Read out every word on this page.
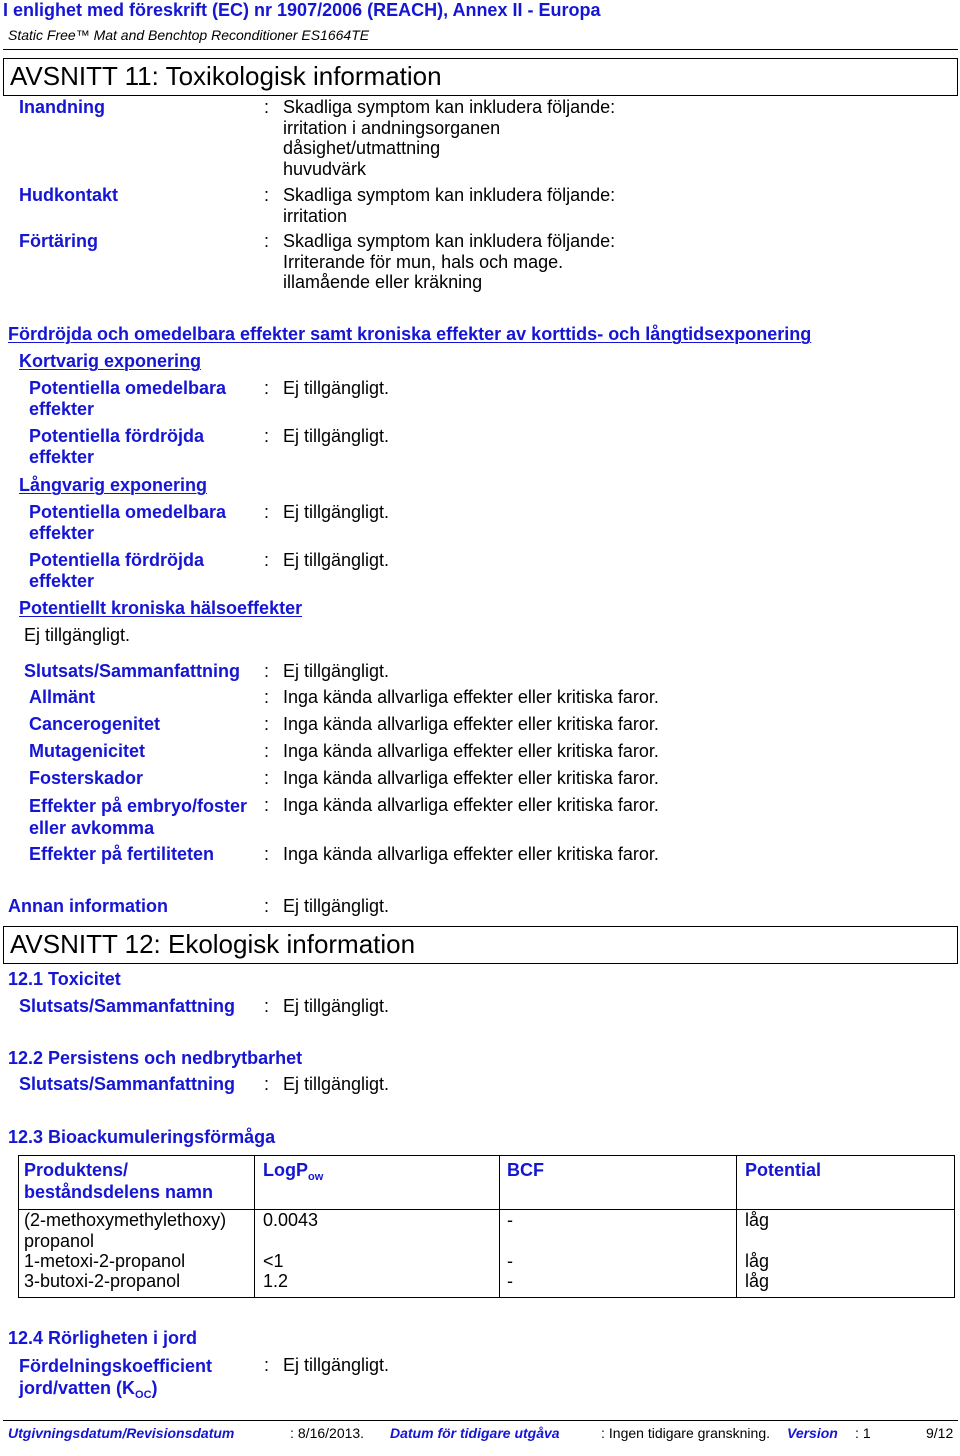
I enlighet med föreskrift (EC) nr 1907/2006 (REACH), Annex II - Europa
Static Free™ Mat and Benchtop Reconditioner ES1664TE
AVSNITT 11: Toxikologisk information
Inandning	: Skadliga symptom kan inkludera följande:
irritation i andningsorganen
dåsighet/utmattning
huvudvärk
Hudkontakt	: Skadliga symptom kan inkludera följande:
irritation
Förtäring	: Skadliga symptom kan inkludera följande:
Irriterande för mun, hals och mage.
illamående eller kräkning
Fördröjda och omedelbara effekter samt kroniska effekter av korttids- och långtidsexponering
Kortvarig exponering
Potentiella omedelbara
effekter
: Ej tillgängligt.
Potentiella fördröjda
effekter
: Ej tillgängligt.
Långvarig exponering
Potentiella omedelbara
effekter
: Ej tillgängligt.
Potentiella fördröjda
effekter
: Ej tillgängligt.
Potentiellt kroniska hälsoeffekter
Ej tillgängligt.
Slutsats/Sammanfattning : Ej tillgängligt.
Allmänt	: Inga kända allvarliga effekter eller kritiska faror.
Cancerogenitet	: Inga kända allvarliga effekter eller kritiska faror.
Mutagenicitet	: Inga kända allvarliga effekter eller kritiska faror.
Fosterskador	: Inga kända allvarliga effekter eller kritiska faror.
Effekter på embryo/foster
eller avkomma
: Inga kända allvarliga effekter eller kritiska faror.
Effekter på fertiliteten	: Inga kända allvarliga effekter eller kritiska faror.
Annan information	: Ej tillgängligt.
AVSNITT 12: Ekologisk information
12.1 Toxicitet
Slutsats/Sammanfattning : Ej tillgängligt.
12.2 Persistens och nedbrytbarhet
Slutsats/Sammanfattning : Ej tillgängligt.
12.3 Bioackumuleringsförmåga
Produktens/
beståndsdelens namn
LogP$_{ow}$	BCF	Potential
(2-methoxymethylethoxy)
propanol
0.0043	-	låg
1-metoxi-2-propanol	<1	-	låg
3-butoxi-2-propanol	1.2	-	låg
12.4 Rörligheten i jord
Fördelningskoefficient
jord/vatten $(K_{OC})$
: Ej tillgängligt.
Utgivningsdatum/Revisionsdatum	: 8/16/2013. Datum för tidigare utgåva	: Ingen tidigare granskning. Version : 1	9/12
